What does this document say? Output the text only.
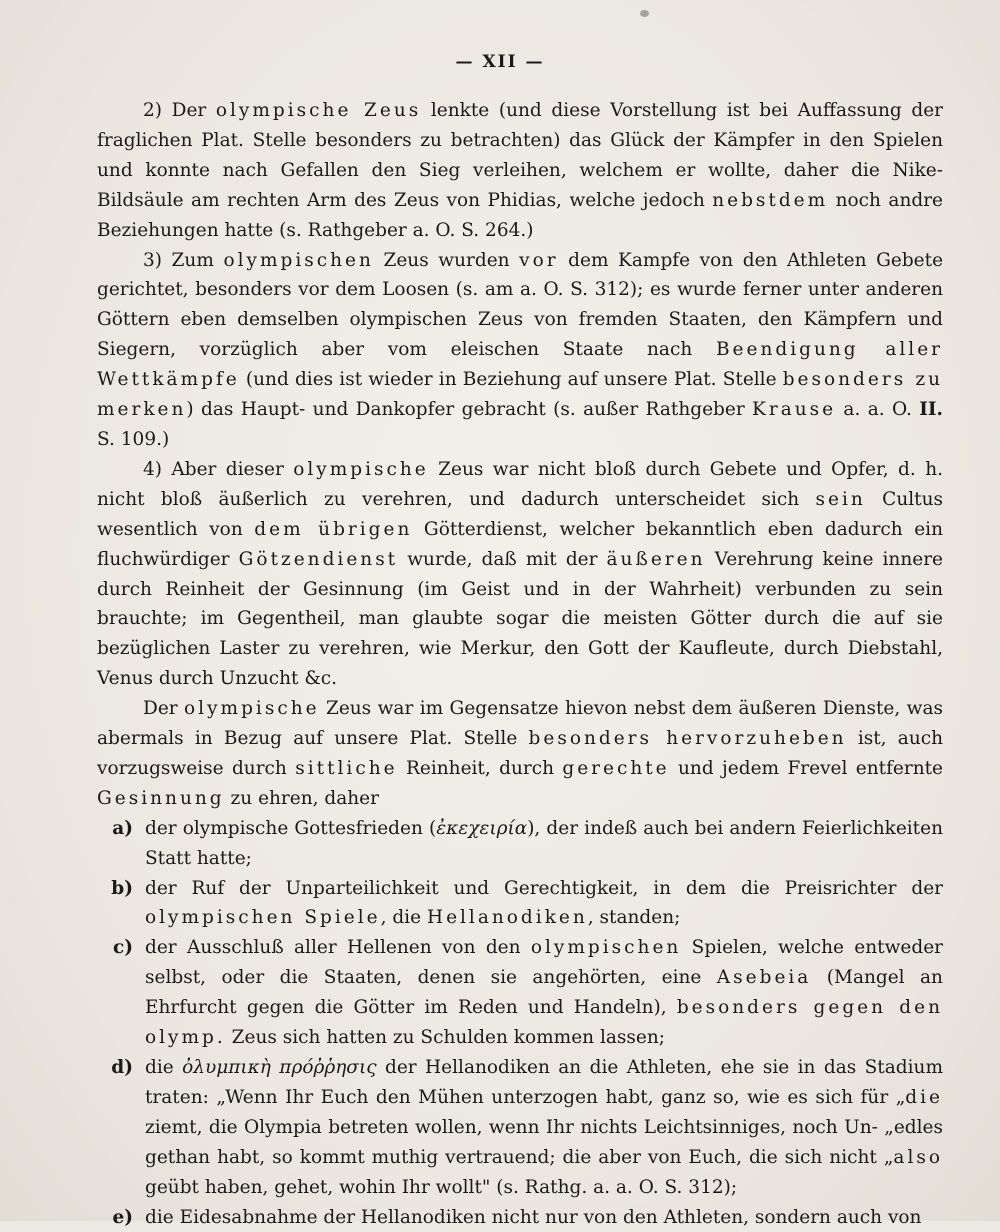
— XII —

2) Der olympische Zeus lenkte (und diese Vorstellung ist bei Auffassung der fraglichen Plat. Stelle besonders zu betrachten) das Glück der Kämpfer in den Spielen und konnte nach Gefallen den Sieg verleihen, welchem er wollte, daher die Nike-Bildsäule am rechten Arm des Zeus von Phidias, welche jedoch nebstdem noch andre Beziehungen hatte (s. Rathgeber a. O. S. 264.)

3) Zum olympischen Zeus wurden vor dem Kampfe von den Athleten Gebete gerichtet, besonders vor dem Loosen (s. am a. O. S. 312); es wurde ferner unter anderen Göttern eben demselben olympischen Zeus von fremden Staaten, den Kämpfern und Siegern, vorzüglich aber vom eleischen Staate nach Beendigung aller Wettkämpfe (und dies ist wieder in Beziehung auf unsere Plat. Stelle besonders zu merken) das Haupt- und Dankopfer gebracht (s. außer Rathgeber Krause a. a. O. II. S. 109.)

4) Aber dieser olympische Zeus war nicht bloß durch Gebete und Opfer, d. h. nicht bloß äußerlich zu verehren, und dadurch unterscheidet sich sein Cultus wesentlich von dem übrigen Götterdienst, welcher bekanntlich eben dadurch ein fluchwürdiger Götzendienst wurde, daß mit der äußeren Verehrung keine innere durch Reinheit der Gesinnung (im Geist und in der Wahrheit) verbunden zu sein brauchte; im Gegentheil, man glaubte sogar die meisten Götter durch die auf sie bezüglichen Laster zu verehren, wie Merkur, den Gott der Kaufleute, durch Diebstahl, Venus durch Unzucht &c.

Der olympische Zeus war im Gegensatze hievon nebst dem äußeren Dienste, was abermals in Bezug auf unsere Plat. Stelle besonders hervorzuheben ist, auch vorzugsweise durch sittliche Reinheit, durch gerechte und jedem Frevel entfernte Gesinnung zu ehren, daher

a) der olympische Gottesfrieden (ἐκεχειρία), der indeß auch bei andern Feierlichkeiten Statt hatte;
b) der Ruf der Unparteilichkeit und Gerechtigkeit, in dem die Preisrichter der olympischen Spiele, die Hellanodiken, standen;
c) der Ausschluß aller Hellenen von den olympischen Spielen, welche entweder selbst, oder die Staaten, denen sie angehörten, eine Asebeia (Mangel an Ehrfurcht gegen die Götter im Reden und Handeln), besonders gegen den olymp. Zeus sich hatten zu Schulden kommen lassen;
d) die ὀλυμπικὴ πρόῤῥησις der Hellanodiken an die Athleten, ehe sie in das Stadium traten: „Wenn Ihr Euch den Mühen unterzogen habt, ganz so, wie es sich für „die ziemt, die Olympia betreten wollen, wenn Ihr nichts Leichtsinniges, noch Un- „edles gethan habt, so kommt muthig vertrauend; die aber von Euch, die sich nicht „also geübt haben, gehet, wohin Ihr wollt" (s. Rathg. a. a. O. S. 312);
e) die Eidesabnahme der Hellanodiken nicht nur von den Athleten, sondern auch von
